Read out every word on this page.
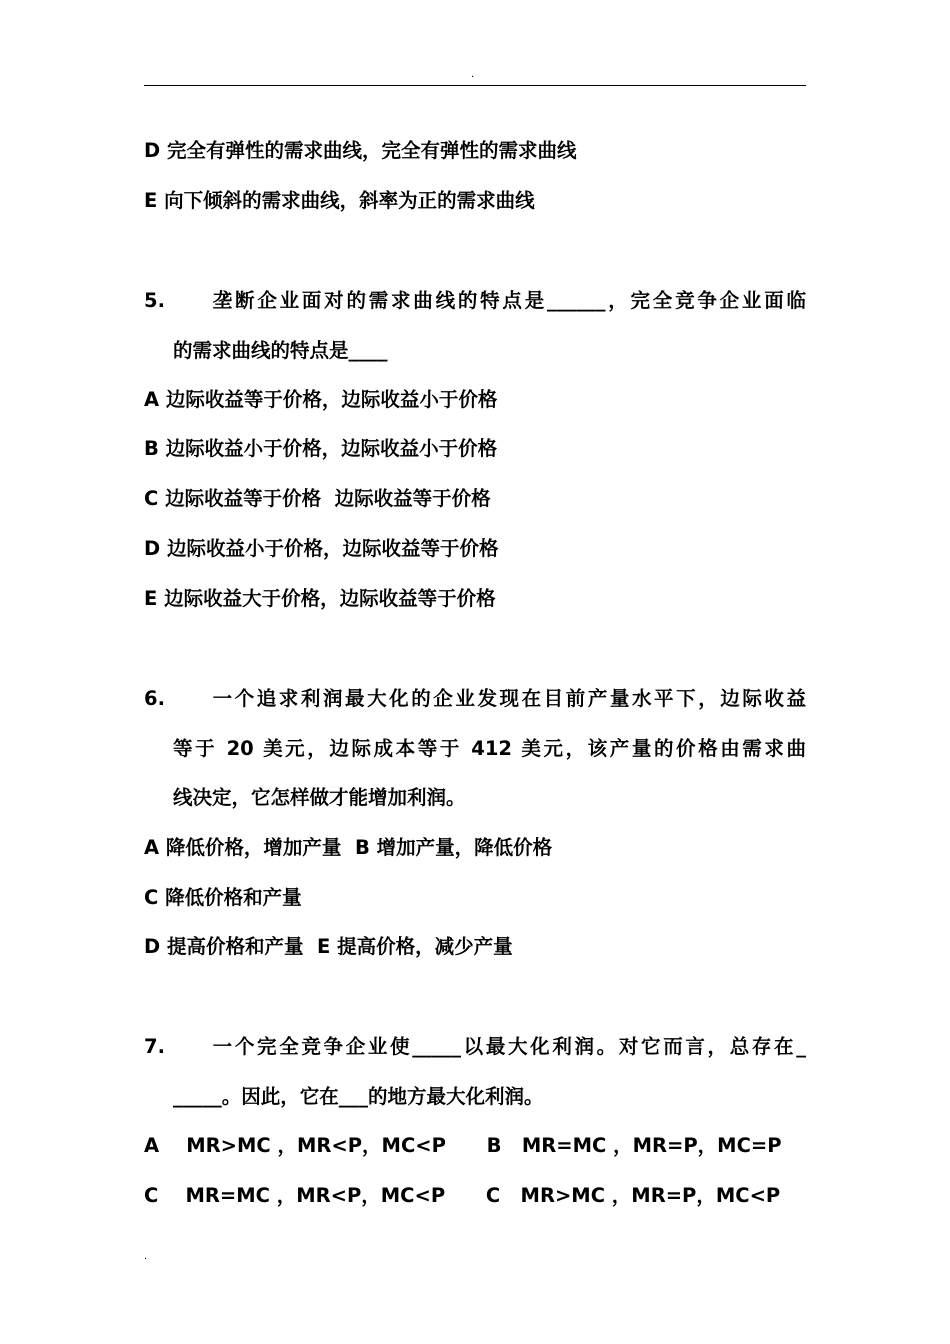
.
D 完全有弹性的需求曲线，完全有弹性的需求曲线
E 向下倾斜的需求曲线，斜率为正的需求曲线
5. 垄断企业面对的需求曲线的特点是______，完全竞争企业面临
的需求曲线的特点是____
A 边际收益等于价格，边际收益小于价格
B 边际收益小于价格，边际收益小于价格
C 边际收益等于价格  边际收益等于价格
D 边际收益小于价格，边际收益等于价格
E 边际收益大于价格，边际收益等于价格
6. 一个追求利润最大化的企业发现在目前产量水平下，边际收益
等于 20 美元，边际成本等于 412 美元，该产量的价格由需求曲
线决定，它怎样做才能增加利润。
A 降低价格，增加产量  B 增加产量，降低价格
C 降低价格和产量
D 提高价格和产量  E 提高价格，减少产量
7. 一个完全竞争企业使_____以最大化利润。对它而言，总存在_
_____。因此，它在___的地方最大化利润。
A    MR>MC ，MR<P，MC<P      B   MR=MC ，MR=P，MC=P
C    MR=MC ，MR<P，MC<P      C   MR>MC ，MR=P，MC<P
.
